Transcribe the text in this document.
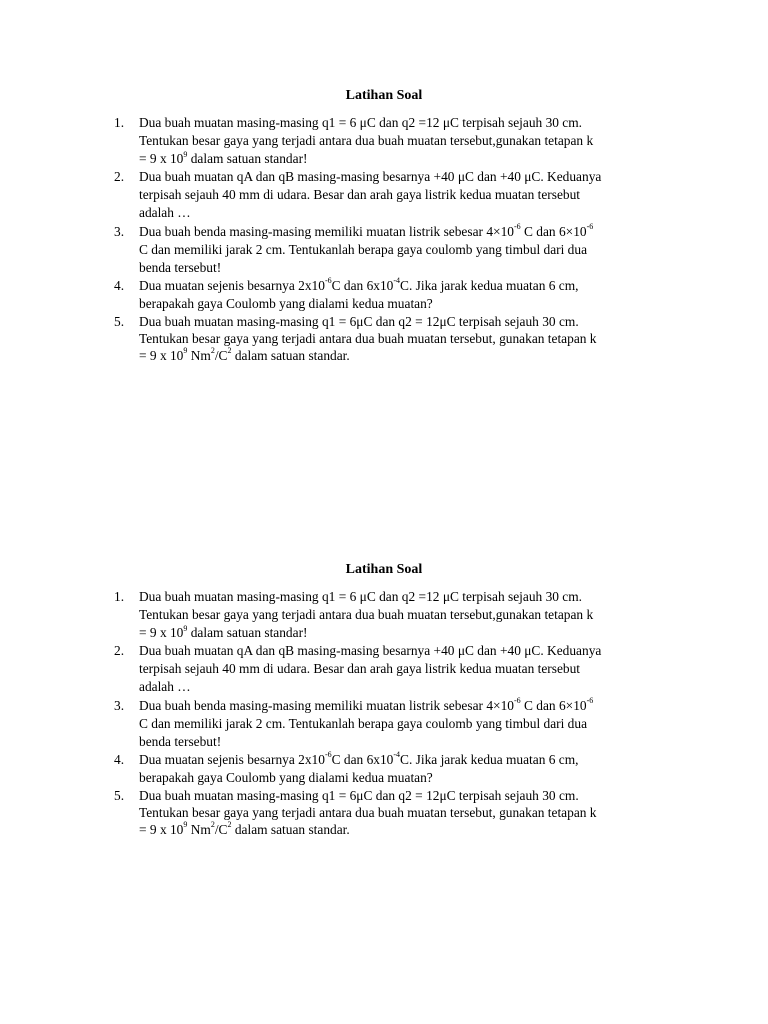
Latihan Soal
1. Dua buah muatan masing-masing q1 = 6 μC dan q2 =12 μC terpisah sejauh 30 cm.
Tentukan besar gaya yang terjadi antara dua buah muatan tersebut,gunakan tetapan k
= 9 x $10^9$ dalam satuan standar!
2. Dua buah muatan qA dan qB masing-masing besarnya +40 μC dan +40 μC. Keduanya
terpisah sejauh 40 mm di udara. Besar dan arah gaya listrik kedua muatan tersebut
adalah …
3. Dua buah benda masing-masing memiliki muatan listrik sebesar $4\times 10^{-6}$ C dan $6\times 10^{-6}$
C dan memiliki jarak 2 cm. Tentukanlah berapa gaya coulomb yang timbul dari dua
benda tersebut!
4. Dua muatan sejenis besarnya $2x10^{-6}C$ dan $6x10^{-4}C$. Jika jarak kedua muatan 6 cm,
berapakah gaya Coulomb yang dialami kedua muatan?
5. Dua buah muatan masing-masing q1 = 6μC dan q2 = 12μC terpisah sejauh 30 cm.
Tentukan besar gaya yang terjadi antara dua buah muatan tersebut, gunakan tetapan k
= 9 x $10^9$ $Nm^2/C^2$ dalam satuan standar.
Latihan Soal
1. Dua buah muatan masing-masing q1 = 6 μC dan q2 =12 μC terpisah sejauh 30 cm.
Tentukan besar gaya yang terjadi antara dua buah muatan tersebut,gunakan tetapan k
= 9 x $10^9$ dalam satuan standar!
2. Dua buah muatan qA dan qB masing-masing besarnya +40 μC dan +40 μC. Keduanya
terpisah sejauh 40 mm di udara. Besar dan arah gaya listrik kedua muatan tersebut
adalah …
3. Dua buah benda masing-masing memiliki muatan listrik sebesar $4\times 10^{-6}$ C dan $6\times 10^{-6}$
C dan memiliki jarak 2 cm. Tentukanlah berapa gaya coulomb yang timbul dari dua
benda tersebut!
4. Dua muatan sejenis besarnya $2x10^{-6}C$ dan $6x10^{-4}C$. Jika jarak kedua muatan 6 cm,
berapakah gaya Coulomb yang dialami kedua muatan?
5. Dua buah muatan masing-masing q1 = 6μC dan q2 = 12μC terpisah sejauh 30 cm.
Tentukan besar gaya yang terjadi antara dua buah muatan tersebut, gunakan tetapan k
= 9 x $10^9$ $Nm^2/C^2$ dalam satuan standar.
